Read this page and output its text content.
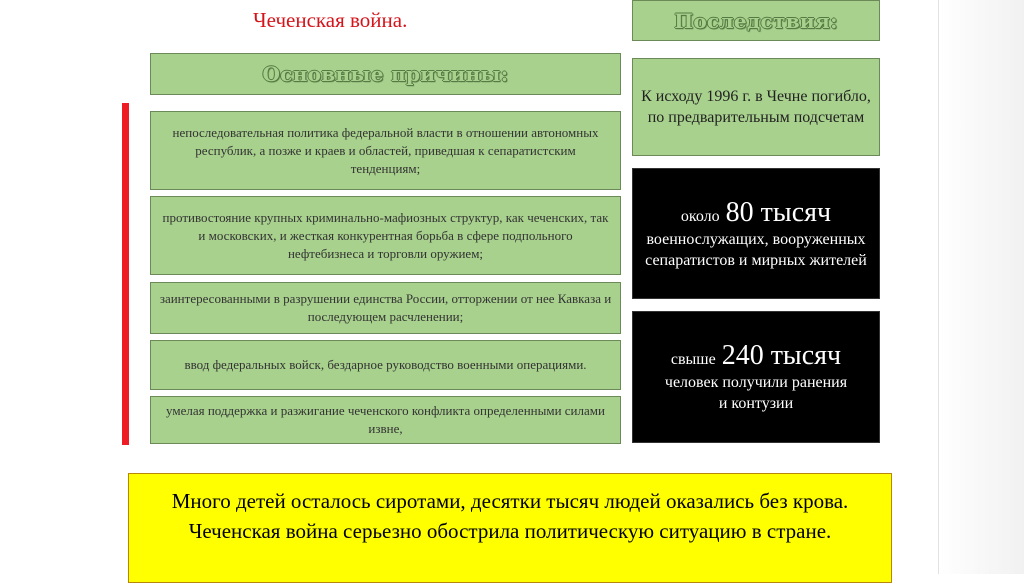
Чеченская война.
Основные причины:
непоследовательная политика федеральной власти в отношении автономных республик, а позже и краев и областей, приведшая к сепаратистским тенденциям;
противостояние крупных криминально-мафиозных структур, как чеченских, так и московских, и жесткая конкурентная борьба в сфере подпольного нефтебизнеса и торговли оружием;
заинтересованными в разрушении единства России, отторжении от нее Кавказа и последующем расчленении;
ввод федеральных войск, бездарное руководство военными операциями.
умелая поддержка и разжигание чеченского конфликта определенными силами извне,
Последствия:
К исходу 1996 г. в Чечне погибло, по предварительным подсчетам
около 80 тысяч
военнослужащих, вооруженных сепаратистов и мирных жителей
свыше 240 тысяч
человек получили ранения и контузии
Много детей осталось сиротами, десятки тысяч людей оказались без крова. Чеченская война серьезно обострила политическую ситуацию в стране.
